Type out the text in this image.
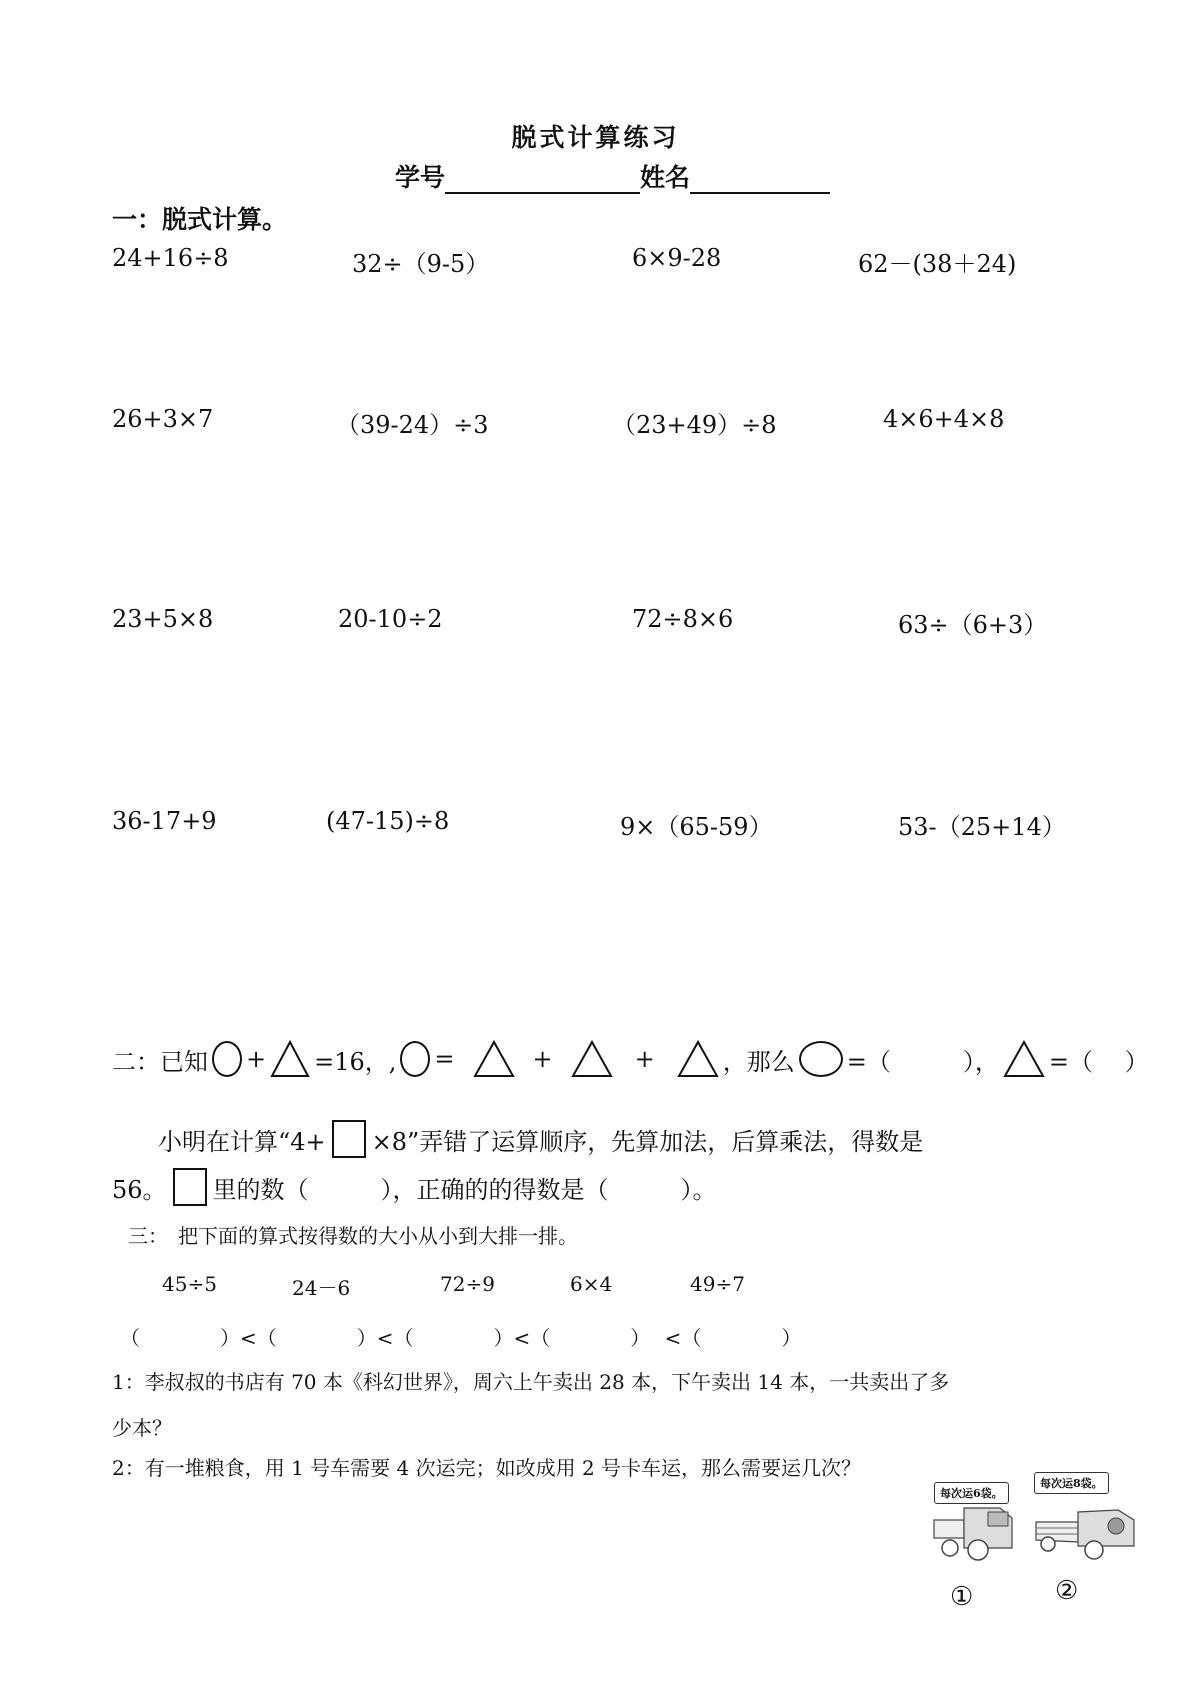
脱式计算练习
学号	姓名
一：脱式计算。
24+16÷8	32÷（9-5）	6×9-28	62－(38＋24)
26+3×7	（39-24）÷3	（23+49）÷8	4×6+4×8
23+5×8	20-10÷2	72÷8×6	63÷（6+3）
36-17+9	(47-15)÷8	9×（65-59）	53-（25+14）
二：已知 + =16，, =	+	+	，那么 =（　　　）， =（　 ）
小明在计算“4+ ×8”弄错了运算顺序，先算加法，后算乘法，得数是
56。 里的数（　　　），正确的的得数是（　　　）。
三：　把下面的算式按得数的大小从小到大排一排。
45÷5	24－6	72÷9	6×4	49÷7
（　　　　）<（　　　　）<（　　　　）<（　　　　） <（　　　　）
1：李叔叔的书店有 70 本《科幻世界》，周六上午卖出 28 本，下午卖出 14 本，一共卖出了多
少本？
2：有一堆粮食，用 1 号车需要 4 次运完；如改成用 2 号卡车运，那么需要运几次？
每次运6袋。
每次运8袋。
①	②
